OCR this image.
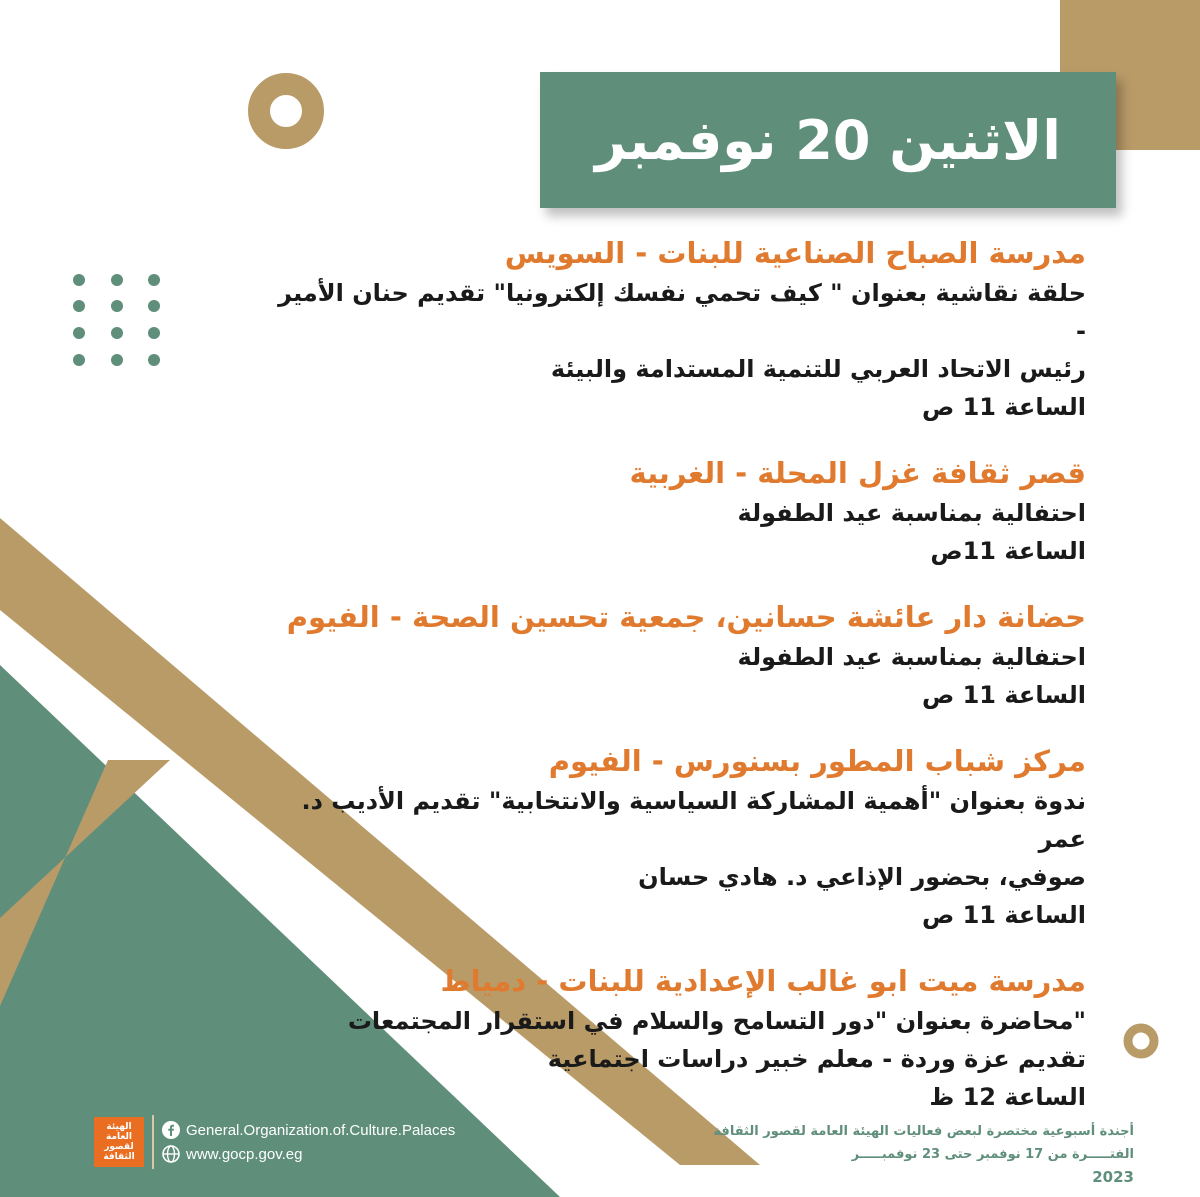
الاثنين 20 نوفمبر

مدرسة الصباح الصناعية للبنات - السويس

حلقة نقاشية بعنوان " كيف تحمي نفسك إلكترونيا" تقديم حنان الأمير -

رئيس الاتحاد العربي للتنمية المستدامة والبيئة

الساعة 11 ص

قصر ثقافة غزل المحلة - الغربية

احتفالية بمناسبة عيد الطفولة

الساعة 11ص

حضانة دار عائشة حسانين، جمعية تحسين الصحة - الفيوم

احتفالية بمناسبة عيد الطفولة

الساعة 11 ص

مركز شباب المطور بسنورس - الفيوم

ندوة بعنوان "أهمية المشاركة السياسية والانتخابية" تقديم الأديب د. عمر

صوفي، بحضور الإذاعي د. هادي حسان

الساعة 11 ص

مدرسة ميت ابو غالب الإعدادية للبنات - دمياط

"محاضرة بعنوان "دور التسامح والسلام في استقرار المجتمعات

تقديم عزة وردة - معلم خبير دراسات اجتماعية

الساعة 12 ظ

الهيئة العامة لقصور الثقافة
General.Organization.of.Culture.Palaces
www.gocp.gov.eg
أجندة أسبوعية مختصرة لبعض فعاليات الهيئة العامة لقصور الثقافة
الفتـــــرة من 17 نوفمبر حتى 23 نوفمبـــــر
2023
